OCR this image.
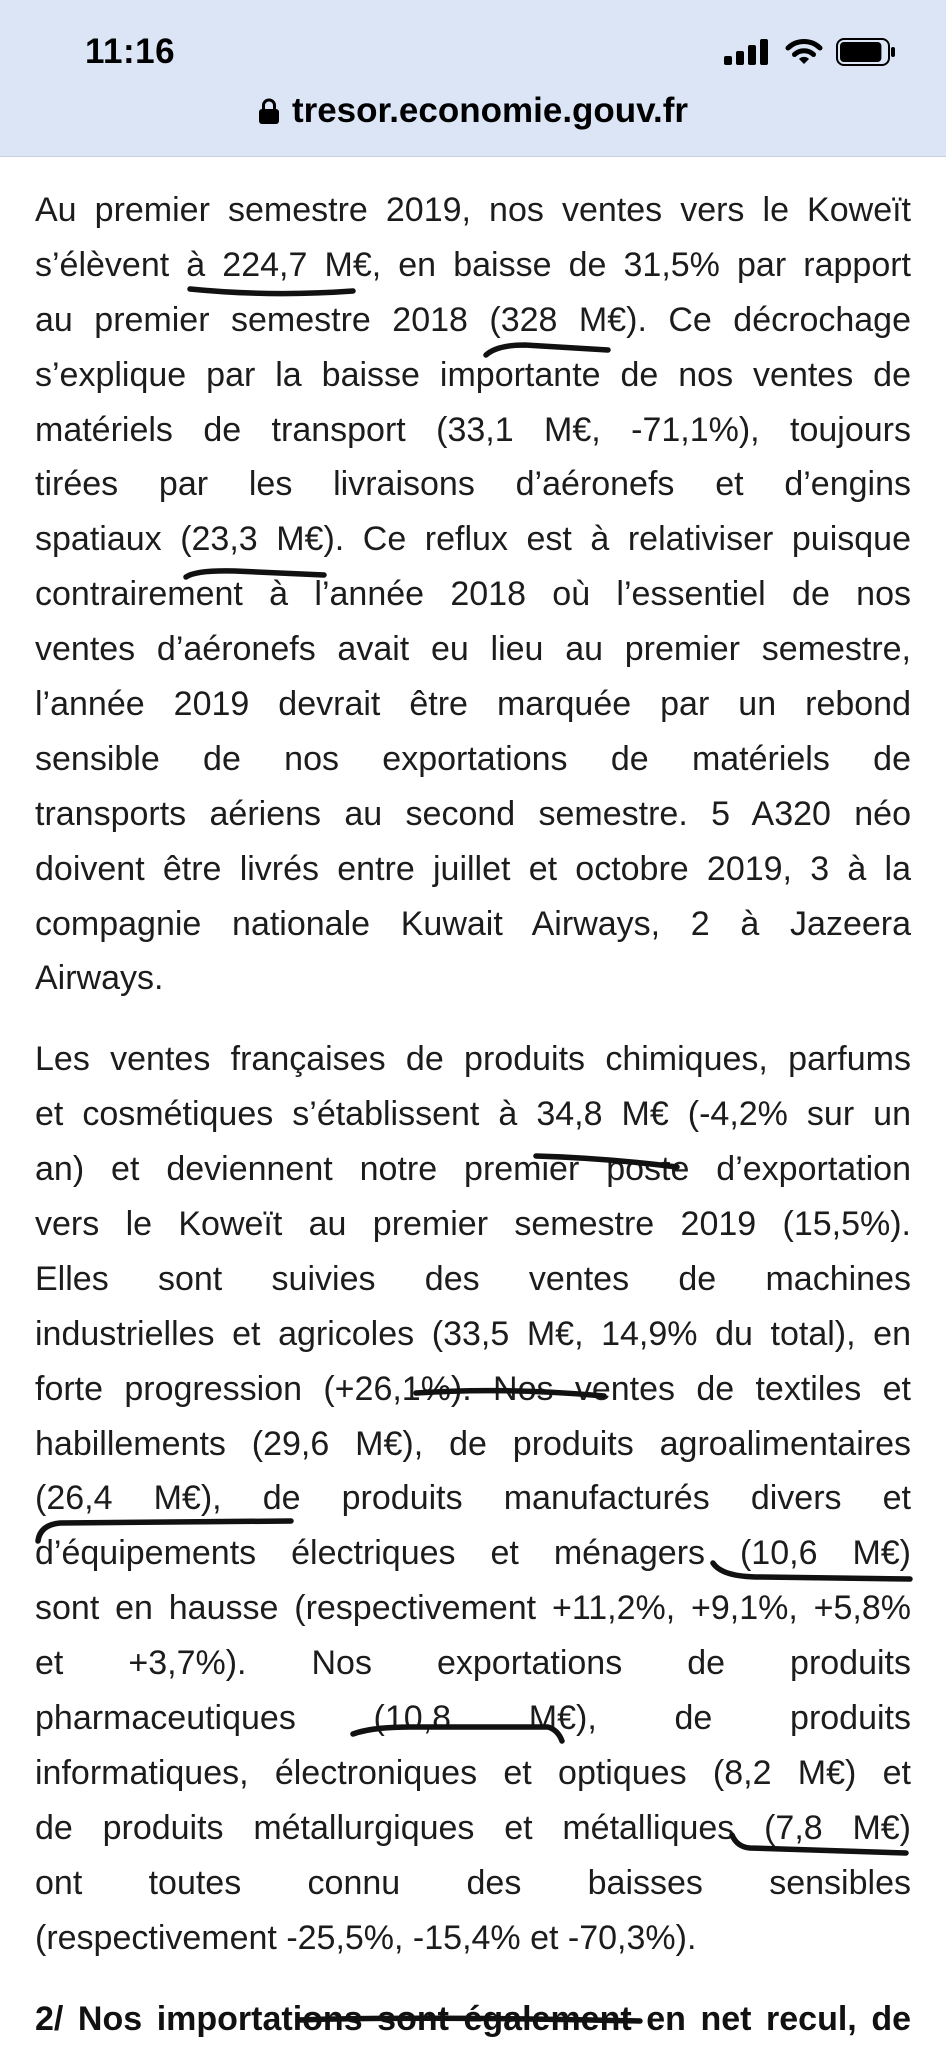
11:16
tresor.economie.gouv.fr
Au premier semestre 2019, nos ventes vers le Koweït
s’élèvent à 224,7 M€, en baisse de 31,5% par rapport
au premier semestre 2018 (328 M€). Ce décrochage
s’explique par la baisse importante de nos ventes de
matériels de transport (33,1 M€, -71,1%), toujours
tirées par les livraisons d’aéronefs et d’engins
spatiaux (23,3 M€). Ce reflux est à relativiser puisque
contrairement à l’année 2018 où l’essentiel de nos
ventes d’aéronefs avait eu lieu au premier semestre,
l’année 2019 devrait être marquée par un rebond
sensible de nos exportations de matériels de
transports aériens au second semestre. 5 A320 néo
doivent être livrés entre juillet et octobre 2019, 3 à la
compagnie nationale Kuwait Airways, 2 à Jazeera
Airways.
Les ventes françaises de produits chimiques, parfums
et cosmétiques s’établissent à 34,8 M€ (-4,2% sur un
an) et deviennent notre premier poste d’exportation
vers le Koweït au premier semestre 2019 (15,5%).
Elles sont suivies des ventes de machines
industrielles et agricoles (33,5 M€, 14,9% du total), en
forte progression (+26,1%). Nos ventes de textiles et
habillements (29,6 M€), de produits agroalimentaires
(26,4 M€), de produits manufacturés divers et
d’équipements électriques et ménagers (10,6 M€)
sont en hausse (respectivement +11,2%, +9,1%, +5,8%
et +3,7%). Nos exportations de produits
pharmaceutiques (10,8 M€), de produits
informatiques, électroniques et optiques (8,2 M€) et
de produits métallurgiques et métalliques (7,8 M€)
ont toutes connu des baisses sensibles
(respectivement -25,5%, -15,4% et -70,3%).
2/ Nos importations sont également en net recul, de
